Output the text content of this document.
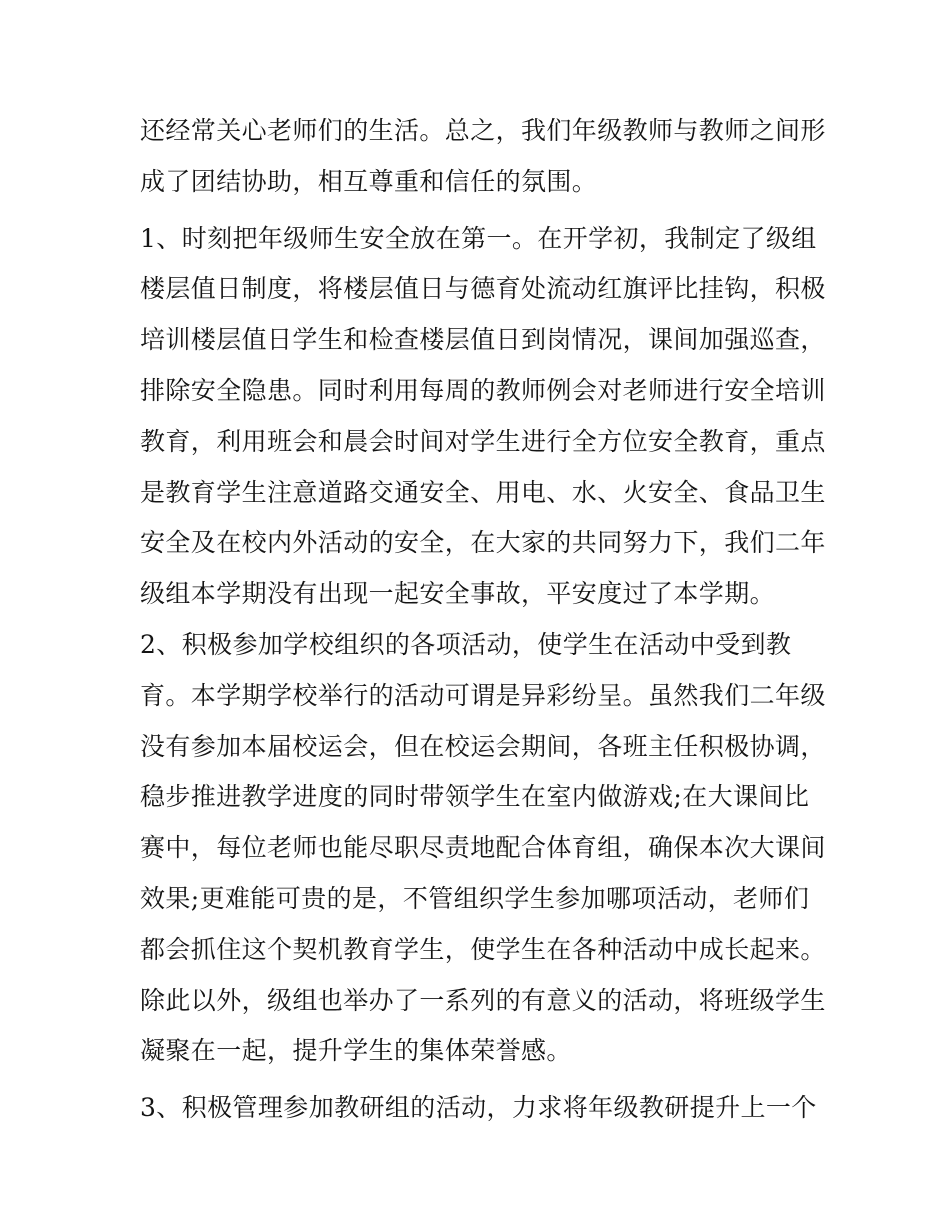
还经常关心老师们的生活。总之，我们年级教师与教师之间形
成了团结协助，相互尊重和信任的氛围。
1、时刻把年级师生安全放在第一。在开学初，我制定了级组
楼层值日制度，将楼层值日与德育处流动红旗评比挂钩，积极
培训楼层值日学生和检查楼层值日到岗情况，课间加强巡查，
排除安全隐患。同时利用每周的教师例会对老师进行安全培训
教育，利用班会和晨会时间对学生进行全方位安全教育，重点
是教育学生注意道路交通安全、用电、水、火安全、食品卫生
安全及在校内外活动的安全，在大家的共同努力下，我们二年
级组本学期没有出现一起安全事故，平安度过了本学期。
2、积极参加学校组织的各项活动，使学生在活动中受到教
育。本学期学校举行的活动可谓是异彩纷呈。虽然我们二年级
没有参加本届校运会，但在校运会期间，各班主任积极协调，
稳步推进教学进度的同时带领学生在室内做游戏;在大课间比
赛中，每位老师也能尽职尽责地配合体育组，确保本次大课间
效果;更难能可贵的是，不管组织学生参加哪项活动，老师们
都会抓住这个契机教育学生，使学生在各种活动中成长起来。
除此以外，级组也举办了一系列的有意义的活动，将班级学生
凝聚在一起，提升学生的集体荣誉感。
3、积极管理参加教研组的活动，力求将年级教研提升上一个
